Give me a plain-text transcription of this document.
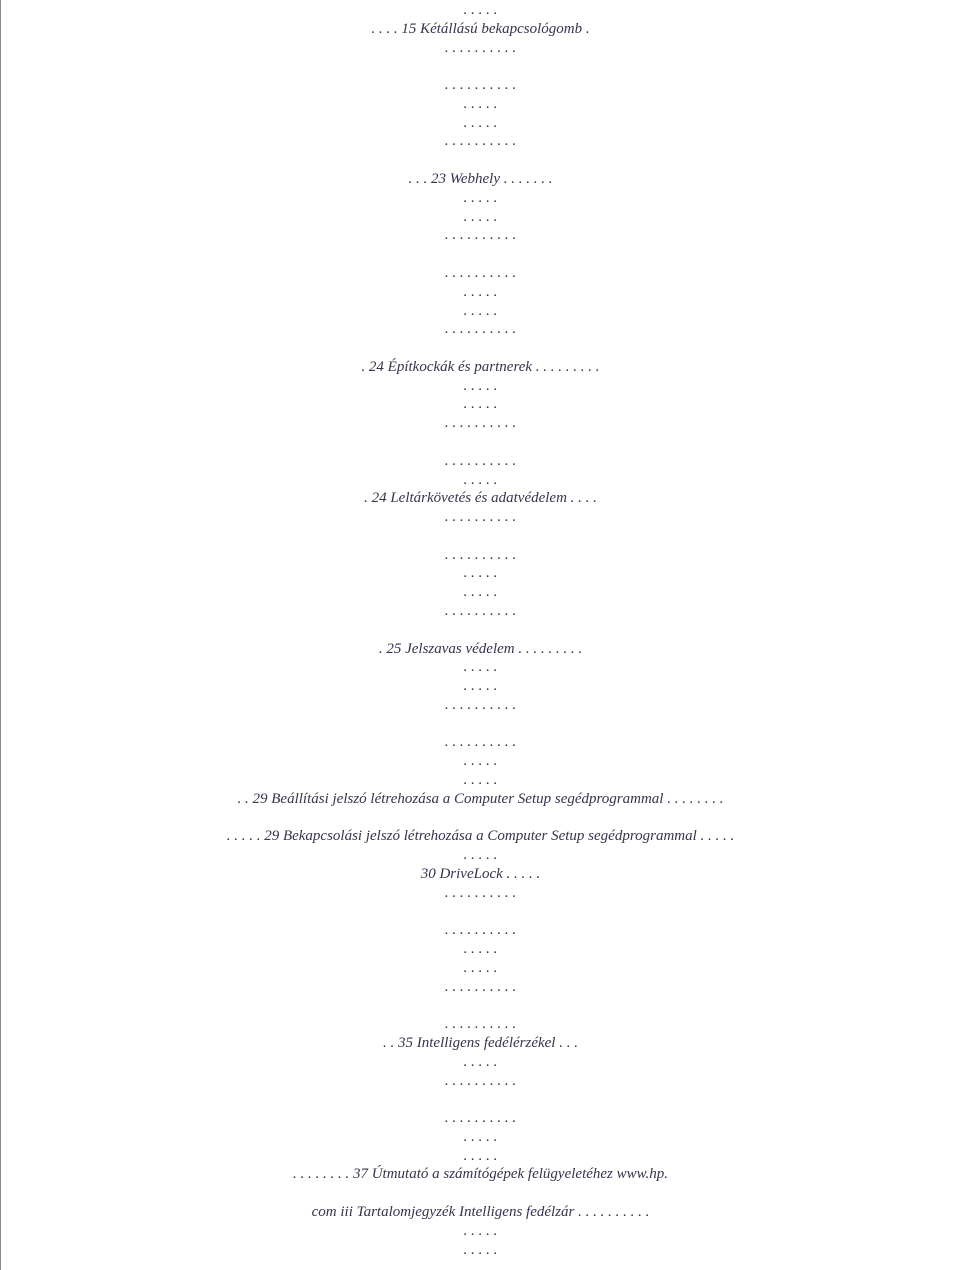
. . . . .
. . . . 15 Kétállású bekapcsológomb .
. . . . . . . . . .
. . . . . . . . . .
. . . . .
. . . . .
. . . . . . . . . .
. . . 23 Webhely . . . . . . .
. . . . .
. . . . .
. . . . . . . . . .
. . . . . . . . . .
. . . . .
. . . . .
. . . . . . . . . .
. 24 Építkockák és partnerek . . . . . . . . .
. . . . .
. . . . .
. . . . . . . . . .
. . . . . . . . . .
. . . . .
. 24 Leltárkövetés és adatvédelem . . . .
. . . . . . . . . .
. . . . . . . . . .
. . . . .
. . . . .
. . . . . . . . . .
. 25 Jelszavas védelem . . . . . . . . .
. . . . .
. . . . .
. . . . . . . . . .
. . . . . . . . . .
. . . . .
. . . . .
. . 29 Beállítási jelszó létrehozása a Computer Setup segédprogrammal . . . . . . . .
. . . . . 29 Bekapcsolási jelszó létrehozása a Computer Setup segédprogrammal . . . . .
. . . . .
30 DriveLock . . . . .
. . . . . . . . . .
. . . . . . . . . .
. . . . .
. . . . .
. . . . . . . . . .
. . . . . . . . . .
. . 35 Intelligens fedélérzékel . . .
. . . . .
. . . . . . . . . .
. . . . . . . . . .
. . . . .
. . . . .
. . . . . . . . 37 Útmutató a számítógépek felügyeletéhez www.hp.
com iii Tartalomjegyzék Intelligens fedélzár . . . . . . . . . .
. . . . .
. . . . .
